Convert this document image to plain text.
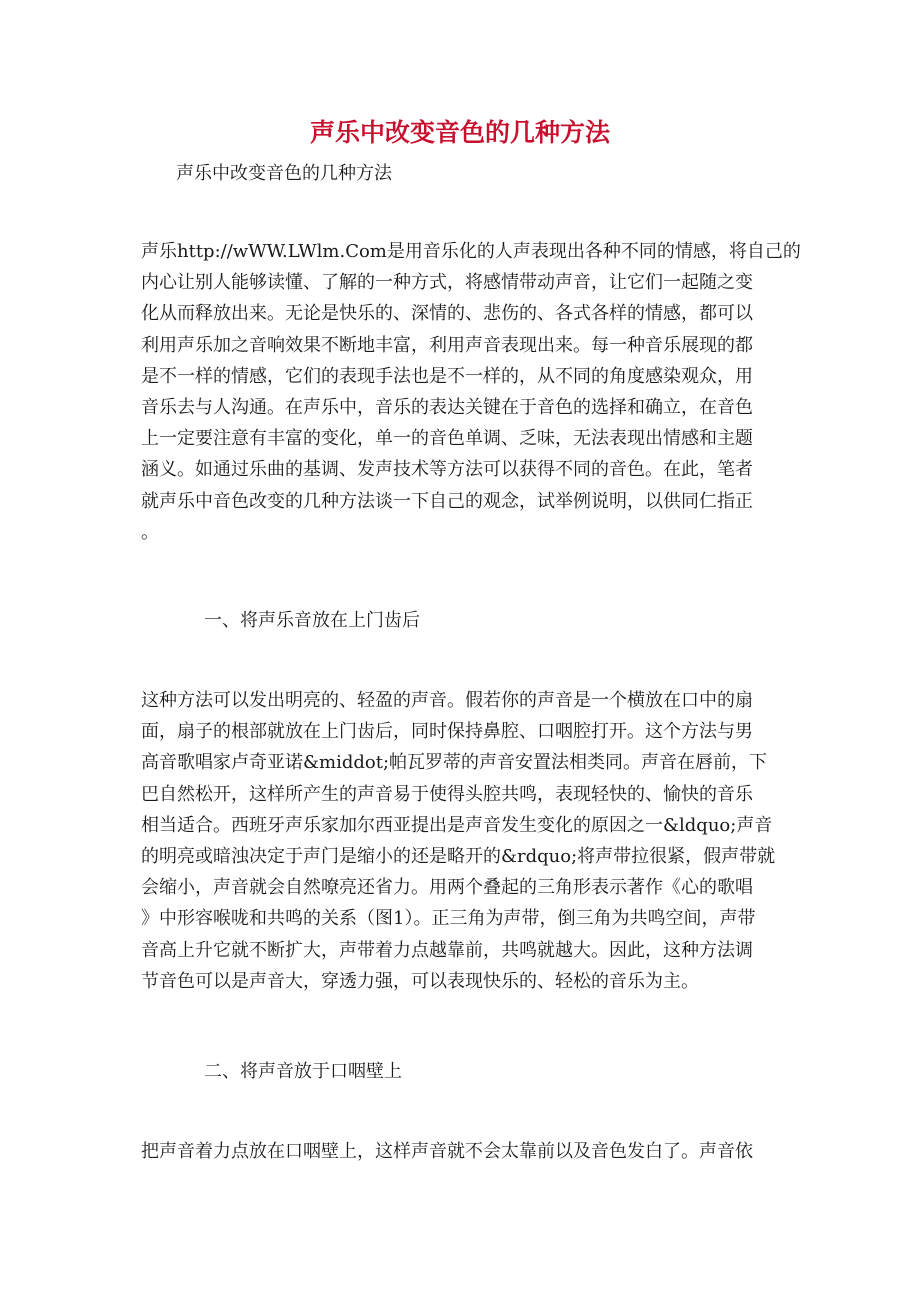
声乐中改变音色的几种方法
声乐中改变音色的几种方法
声乐http://wWW.LWlm.Com是用音乐化的人声表现出各种不同的情感，将自己的
内心让别人能够读懂、了解的一种方式，将感情带动声音，让它们一起随之变
化从而释放出来。无论是快乐的、深情的、悲伤的、各式各样的情感，都可以
利用声乐加之音响效果不断地丰富，利用声音表现出来。每一种音乐展现的都
是不一样的情感，它们的表现手法也是不一样的，从不同的角度感染观众，用
音乐去与人沟通。在声乐中，音乐的表达关键在于音色的选择和确立，在音色
上一定要注意有丰富的变化，单一的音色单调、乏味，无法表现出情感和主题
涵义。如通过乐曲的基调、发声技术等方法可以获得不同的音色。在此，笔者
就声乐中音色改变的几种方法谈一下自己的观念，试举例说明，以供同仁指正
。
一、将声乐音放在上门齿后
这种方法可以发出明亮的、轻盈的声音。假若你的声音是一个横放在口中的扇
面，扇子的根部就放在上门齿后，同时保持鼻腔、口咽腔打开。这个方法与男
高音歌唱家卢奇亚诺&middot;帕瓦罗蒂的声音安置法相类同。声音在唇前，下
巴自然松开，这样所产生的声音易于使得头腔共鸣，表现轻快的、愉快的音乐
相当适合。西班牙声乐家加尔西亚提出是声音发生变化的原因之一&ldquo;声音
的明亮或暗浊决定于声门是缩小的还是略开的&rdquo;将声带拉很紧，假声带就
会缩小，声音就会自然嘹亮还省力。用两个叠起的三角形表示著作《心的歌唱
》中形容喉咙和共鸣的关系（图1）。正三角为声带，倒三角为共鸣空间，声带
音高上升它就不断扩大，声带着力点越靠前，共鸣就越大。因此，这种方法调
节音色可以是声音大，穿透力强，可以表现快乐的、轻松的音乐为主。
二、将声音放于口咽壁上
把声音着力点放在口咽壁上，这样声音就不会太靠前以及音色发白了。声音依
